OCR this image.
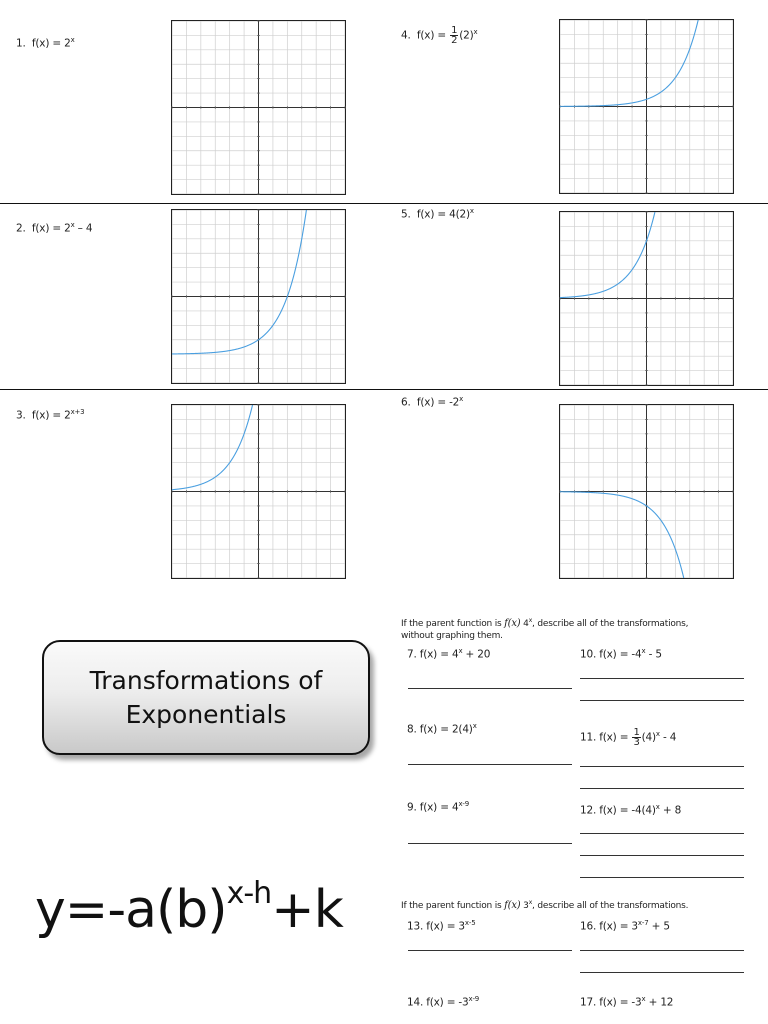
1. $f(x) = 2^x$
2. $f(x) = 2^x - 4$
3. $f(x) = 2^{x+3}$
4. $f(x) = \frac{1}{2} (2)^x$
5. $f(x) = 4(2)^x$
6. $f(x) = -2^x$
Transformations of
Exponentials
$y=-a(b)^{x-h}+k$
If the parent function is f(x) 4$^x$, describe all of the transformations,
without graphing them.
7. $f(x) = 4^x + 20$
8. $f(x) = 2(4)^x$
9. $f(x) = 4^{x-9}$
10. $f(x) = -4^x - 5$
11. $f(x) = \frac{1}{3} (4)^x - 4$
12. $f(x) = -4(4)^x + 8$
If the parent function is f(x) 3$^x$, describe all of the transformations.
13. $f(x) = 3^{x-5}$
14. $f(x) = -3^{x-9}$
16. $f(x) = 3^{x-7} + 5$
17. $f(x) = -3^x + 12$
